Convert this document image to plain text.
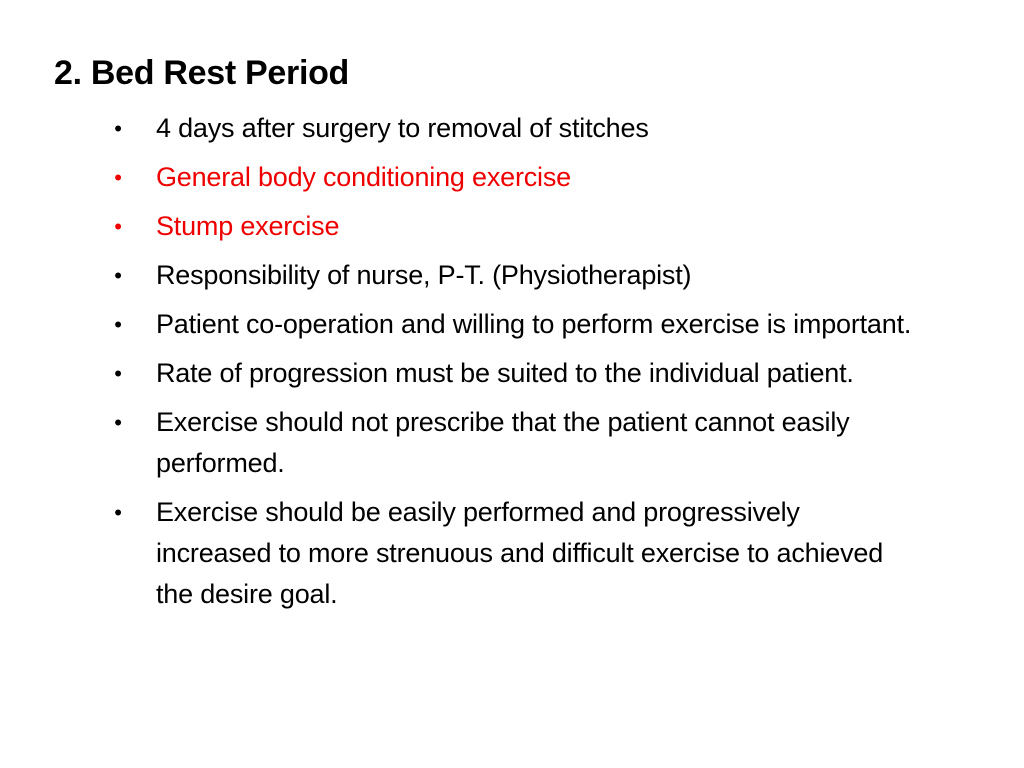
2. Bed Rest Period
• 4 days after surgery to removal of stitches
• General body conditioning exercise
• Stump exercise
• Responsibility of nurse, P-T. (Physiotherapist)
• Patient co-operation and willing to perform exercise is important.
• Rate of progression must be suited to the individual patient.
• Exercise should not prescribe that the patient cannot easily performed.
• Exercise should be easily performed and progressively increased to more strenuous and difficult exercise to achieved the desire goal.
